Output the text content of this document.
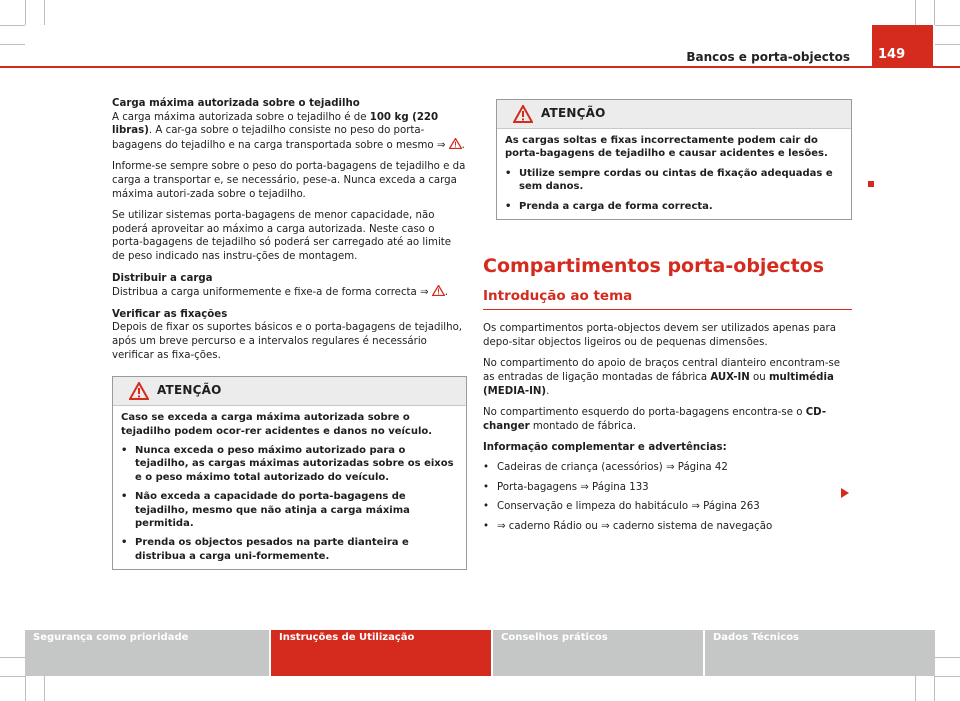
Bancos e porta-objectos	149

Carga máxima autorizada sobre o tejadilho

A carga máxima autorizada sobre o tejadilho é de 100 kg (220 libras). A car-ga sobre o tejadilho consiste no peso do porta-bagagens do tejadilho e na carga transportada sobre o mesmo ⇒ .

Informe-se sempre sobre o peso do porta-bagagens de tejadilho e da carga a transportar e, se necessário, pese-a. Nunca exceda a carga máxima autori-zada sobre o tejadilho.

Se utilizar sistemas porta-bagagens de menor capacidade, não poderá aproveitar ao máximo a carga autorizada. Neste caso o porta-bagagens de tejadilho só poderá ser carregado até ao limite de peso indicado nas instru-ções de montagem.

Distribuir a carga

Distribua a carga uniformemente e fixe-a de forma correcta ⇒ .

Verificar as fixações

Depois de fixar os suportes básicos e o porta-bagagens de tejadilho, após um breve percurso e a intervalos regulares é necessário verificar as fixa-ções.

ATENÇÃO

Caso se exceda a carga máxima autorizada sobre o tejadilho podem ocor-rer acidentes e danos no veículo.

• Nunca exceda o peso máximo autorizado para o tejadilho, as cargas máximas autorizadas sobre os eixos e o peso máximo total autorizado do veículo.
• Não exceda a capacidade do porta-bagagens de tejadilho, mesmo que não atinja a carga máxima permitida.
• Prenda os objectos pesados na parte dianteira e distribua a carga uni-formemente.
ATENÇÃO

As cargas soltas e fixas incorrectamente podem cair do porta-bagagens de tejadilho e causar acidentes e lesões.

• Utilize sempre cordas ou cintas de fixação adequadas e sem danos.
• Prenda a carga de forma correcta.
Compartimentos porta-objectos
Introdução ao tema

Os compartimentos porta-objectos devem ser utilizados apenas para depo-sitar objectos ligeiros ou de pequenas dimensões.

No compartimento do apoio de braços central dianteiro encontram-se as entradas de ligação montadas de fábrica AUX-IN ou multimédia (MEDIA-IN).

No compartimento esquerdo do porta-bagagens encontra-se o CD-changer montado de fábrica.

Informação complementar e advertências:

• Cadeiras de criança (acessórios) ⇒ Página 42
• Porta-bagagens ⇒ Página 133
• Conservação e limpeza do habitáculo ⇒ Página 263
• ⇒ caderno Rádio ou ⇒ caderno sistema de navegação
Segurança como prioridade	Instruções de Utilização	Conselhos práticos	Dados Técnicos
